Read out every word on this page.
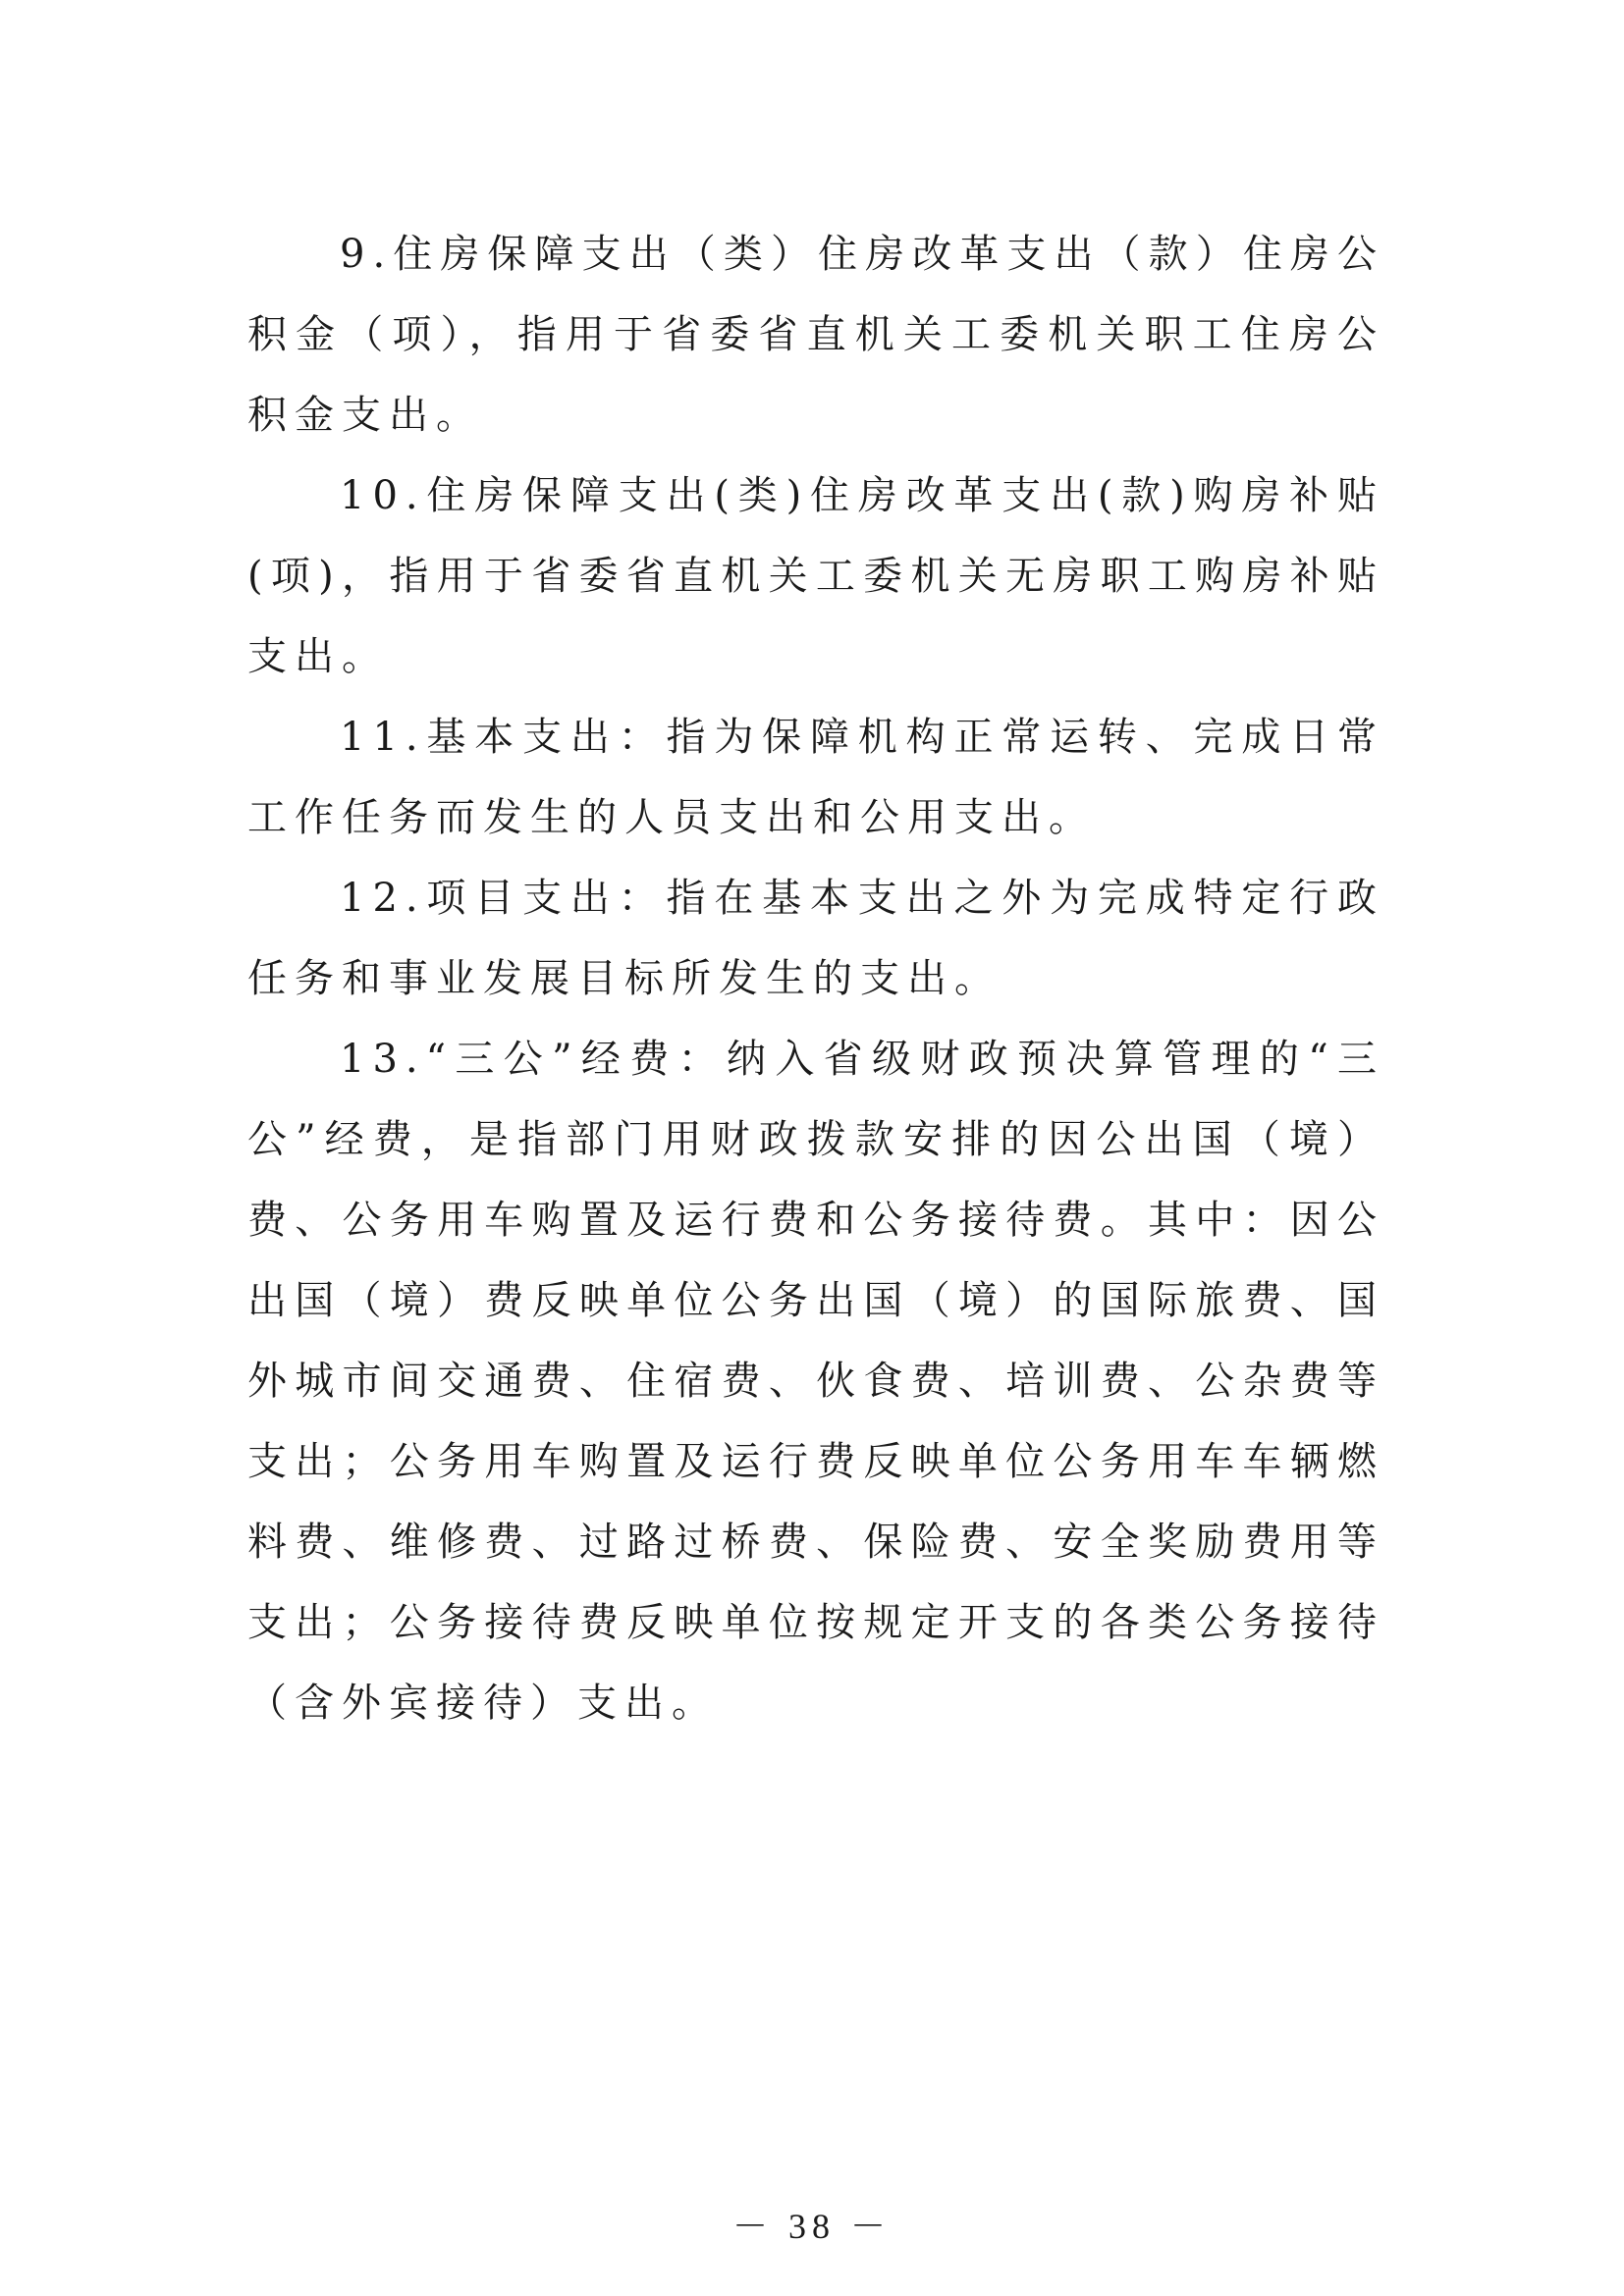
9.住房保障支出（类）住房改革支出（款）住房公积金（项），指用于省委省直机关工委机关职工住房公积金支出。

10.住房保障支出(类)住房改革支出(款)购房补贴(项)，指用于省委省直机关工委机关无房职工购房补贴支出。

11.基本支出：指为保障机构正常运转、完成日常工作任务而发生的人员支出和公用支出。

12.项目支出：指在基本支出之外为完成特定行政任务和事业发展目标所发生的支出。

13.“三公”经费：纳入省级财政预决算管理的“三公”经费，是指部门用财政拨款安排的因公出国（境）费、公务用车购置及运行费和公务接待费。其中：因公出国（境）费反映单位公务出国（境）的国际旅费、国外城市间交通费、住宿费、伙食费、培训费、公杂费等支出；公务用车购置及运行费反映单位公务用车车辆燃料费、维修费、过路过桥费、保险费、安全奖励费用等支出；公务接待费反映单位按规定开支的各类公务接待（含外宾接待）支出。

－ 38 －
